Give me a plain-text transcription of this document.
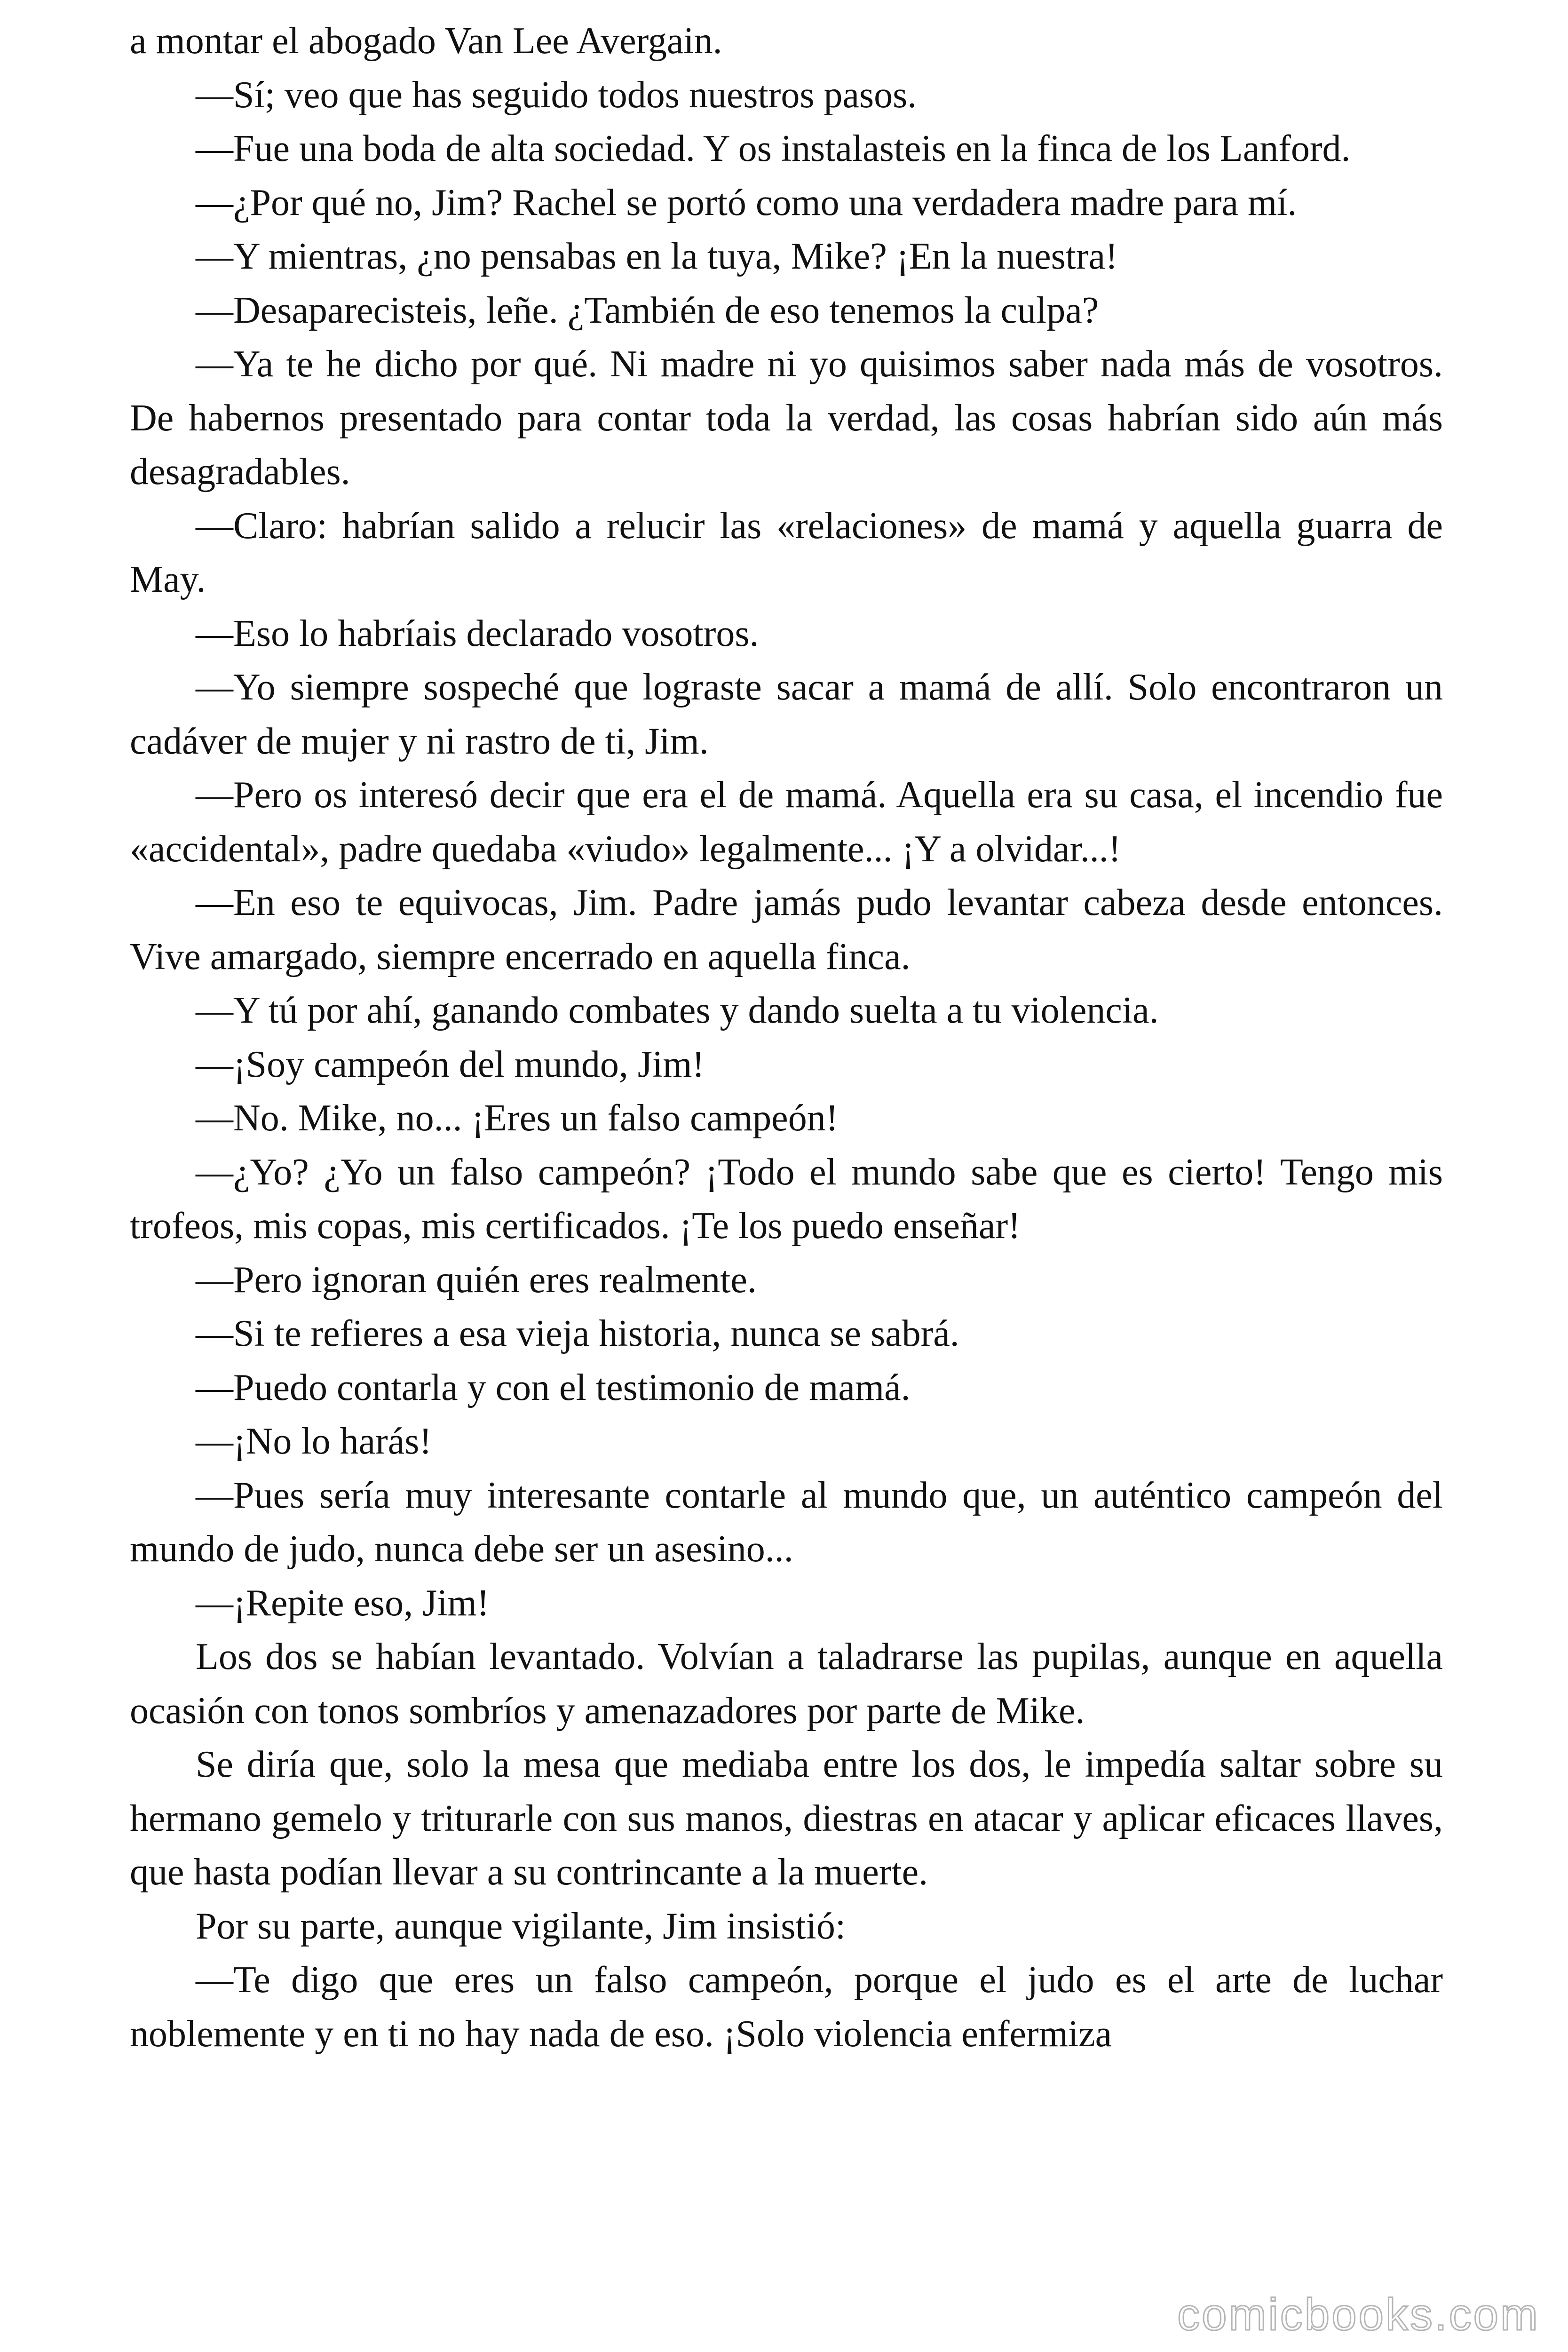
a montar el abogado Van Lee Avergain.

—Sí; veo que has seguido todos nuestros pasos.

—Fue una boda de alta sociedad. Y os instalasteis en la finca de los Lanford.

—¿Por qué no, Jim? Rachel se portó como una verdadera madre para mí.

—Y mientras, ¿no pensabas en la tuya, Mike? ¡En la nuestra!

—Desaparecisteis, leñe. ¿También de eso tenemos la culpa?

—Ya te he dicho por qué. Ni madre ni yo quisimos saber nada más de vosotros. De habernos presentado para contar toda la verdad, las cosas habrían sido aún más desagradables.

—Claro: habrían salido a relucir las «relaciones» de mamá y aquella guarra de May.

—Eso lo habríais declarado vosotros.

—Yo siempre sospeché que lograste sacar a mamá de allí. Solo encontraron un cadáver de mujer y ni rastro de ti, Jim.

—Pero os interesó decir que era el de mamá. Aquella era su casa, el incendio fue «accidental», padre quedaba «viudo» legalmente... ¡Y a olvidar...!

—En eso te equivocas, Jim. Padre jamás pudo levantar cabeza desde entonces. Vive amargado, siempre encerrado en aquella finca.

—Y tú por ahí, ganando combates y dando suelta a tu violencia.

—¡Soy campeón del mundo, Jim!

—No. Mike, no... ¡Eres un falso campeón!

—¿Yo? ¿Yo un falso campeón? ¡Todo el mundo sabe que es cierto! Tengo mis trofeos, mis copas, mis certificados. ¡Te los puedo enseñar!

—Pero ignoran quién eres realmente.

—Si te refieres a esa vieja historia, nunca se sabrá.

—Puedo contarla y con el testimonio de mamá.

—¡No lo harás!

—Pues sería muy interesante contarle al mundo que, un auténtico campeón del mundo de judo, nunca debe ser un asesino...

—¡Repite eso, Jim!

Los dos se habían levantado. Volvían a taladrarse las pupilas, aunque en aquella ocasión con tonos sombríos y amenazadores por parte de Mike.

Se diría que, solo la mesa que mediaba entre los dos, le impedía saltar sobre su hermano gemelo y triturarle con sus manos, diestras en atacar y aplicar eficaces llaves, que hasta podían llevar a su contrincante a la muerte.

Por su parte, aunque vigilante, Jim insistió:

—Te digo que eres un falso campeón, porque el judo es el arte de luchar noblemente y en ti no hay nada de eso. ¡Solo violencia enfermiza

comicbooks.com
